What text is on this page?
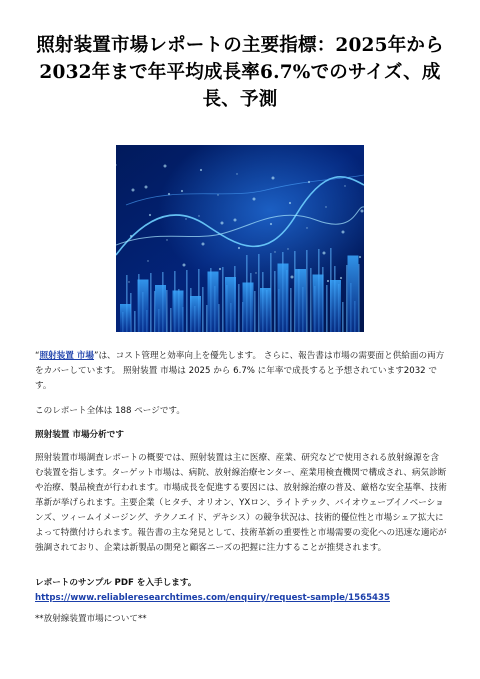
照射装置市場レポートの主要指標：2025年から2032年まで年平均成長率6.7%でのサイズ、成長、予測
“照射装置 市場”は、コスト管理と効率向上を優先します。 さらに、報告書は市場の需要面と供給面の両方をカバーしています。 照射装置 市場は 2025 から 6.7% に年率で成長すると予想されています2032 です。
このレポート全体は 188 ページです。
照射装置 市場分析です
照射装置市場調査レポートの概要では、照射装置は主に医療、産業、研究などで使用される放射線源を含む装置を指します。ターゲット市場は、病院、放射線治療センター、産業用検査機関で構成され、病気診断や治療、製品検査が行われます。市場成長を促進する要因には、放射線治療の普及、厳格な安全基準、技術革新が挙げられます。主要企業（ヒタチ、オリオン、YXロン、ライトテック、バイオウェーブイノベーションズ、ツィームイメージング、テクノエイド、デキシス）の競争状況は、技術的優位性と市場シェア拡大によって特徴付けられます。報告書の主な発見として、技術革新の重要性と市場需要の変化への迅速な適応が強調されており、企業は新製品の開発と顧客ニーズの把握に注力することが推奨されます。
レポートのサンプル PDF を入手します。 https://www.reliableresearchtimes.com/enquiry/request-sample/1565435
**放射線装置市場について**
